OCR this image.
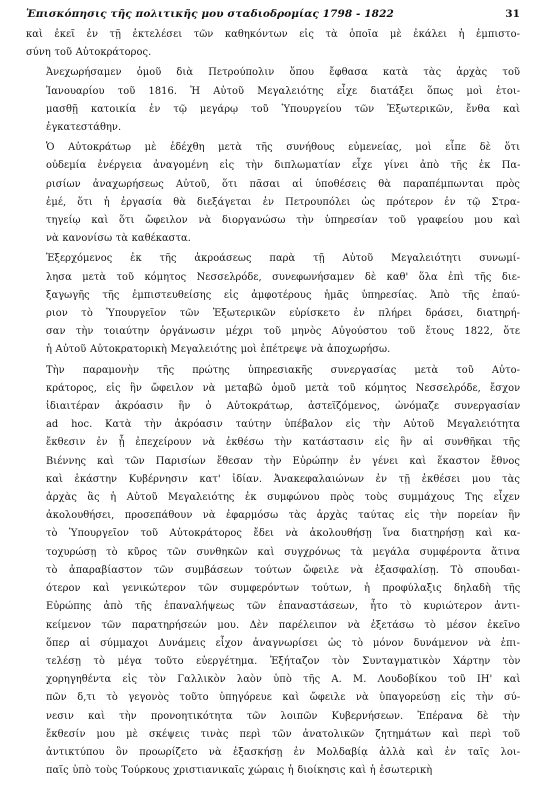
Ἐπισκόπησις τῆς πολιτικῆς μου σταδιοδρομίας 1798 - 1822	31
καὶ ἐκεῖ ἐν τῇ ἐκτελέσει τῶν καθηκόντων εἰς τὰ ὁποῖα μὲ ἐκάλει ἡ ἐμπιστο-
σύνη τοῦ Αὐτοκράτορος.
Ἀνεχωρήσαμεν ὁμοῦ διὰ Πετρούπολιν ὅπου ἔφθασα κατὰ τὰς ἀρχὰς τοῦ
Ἰανουαρίου τοῦ 1816. Ἡ Αὐτοῦ Μεγαλειότης εἶχε διατάξει ὅπως μοὶ ἑτοι-
μασθῇ κατοικία ἐν τῷ μεγάρῳ τοῦ Ὑπουργείου τῶν Ἐξωτερικῶν, ἔνθα καὶ
ἐγκατεστάθην.
Ὁ Αὐτοκράτωρ μὲ ἐδέχθη μετὰ τῆς συνήθους εὐμενείας, μοὶ εἶπε δὲ ὅτι
οὐδεμία ἐνέργεια ἀναγομένη εἰς τὴν διπλωματίαν εἶχε γίνει ἀπὸ τῆς ἐκ Πα-
ρισίων ἀναχωρήσεως Αὐτοῦ, ὅτι πᾶσαι αἱ ὑποθέσεις θὰ παραπέμπωνται πρὸς
ἐμέ, ὅτι ἡ ἐργασία θὰ διεξάγεται ἐν Πετρουπόλει ὡς πρότερον ἐν τῷ Στρα-
τηγείῳ καὶ ὅτι ὤφειλον νὰ διοργανώσω τὴν ὑπηρεσίαν τοῦ γραφείου μου καὶ
νὰ κανονίσω τὰ καθέκαστα.
Ἐξερχόμενος ἐκ τῆς ἀκροάσεως παρὰ τῇ Αὐτοῦ Μεγαλειότητι συνωμί-
λησα μετὰ τοῦ κόμητος Νεσσελρόδε, συνεφωνήσαμεν δὲ καθ' ὅλα ἐπὶ τῆς διε-
ξαγωγῆς τῆς ἐμπιστευθείσης εἰς ἀμφοτέρους ἡμᾶς ὑπηρεσίας. Ἀπὸ τῆς ἐπαύ-
ριον τὸ Ὑπουργεῖον τῶν Ἐξωτερικῶν εὑρίσκετο ἐν πλήρει δράσει, διατηρή-
σαν τὴν τοιαύτην ὀργάνωσιν μέχρι τοῦ μηνὸς Αὐγούστου τοῦ ἔτους 1822, ὅτε
ἡ Αὐτοῦ Αὐτοκρατορικὴ Μεγαλειότης μοὶ ἐπέτρεψε νὰ ἀποχωρήσω.
Τὴν παραμονὴν τῆς πρώτης ὑπηρεσιακῆς συνεργασίας μετὰ τοῦ Αὐτο-
κράτορος, εἰς ἣν ὤφειλον νὰ μεταβῶ ὁμοῦ μετὰ τοῦ κόμητος Νεσσελρόδε, ἔσχον
ἰδιαιτέραν ἀκρόασιν ἣν ὁ Αὐτοκράτωρ, ἀστεϊζόμενος, ὠνόμαζε συνεργασίαν
ad hoc. Κατὰ τὴν ἀκρόασιν ταύτην ὑπέβαλον εἰς τὴν Αὐτοῦ Μεγαλειότητα
ἔκθεσιν ἐν ᾗ ἐπεχείρουν νὰ ἐκθέσω τὴν κατάστασιν εἰς ἣν αἱ συνθῆκαι τῆς
Βιέννης καὶ τῶν Παρισίων ἔθεσαν τὴν Εὐρώπην ἐν γένει καὶ ἕκαστον ἔθνος
καὶ ἑκάστην Κυβέρνησιν κατ' ἰδίαν. Ἀνακεφαλαιώνων ἐν τῇ ἐκθέσει μου τὰς
ἀρχὰς ἃς ἡ Αὐτοῦ Μεγαλειότης ἐκ συμφώνου πρὸς τοὺς συμμάχους Της εἶχεν
ἀκολουθήσει, προσεπάθουν νὰ ἐφαρμόσω τὰς ἀρχὰς ταύτας εἰς τὴν πορείαν ἣν
τὸ Ὑπουργεῖον τοῦ Αὐτοκράτορος ἔδει νὰ ἀκολουθήσῃ ἵνα διατηρήσῃ καὶ κα-
τοχυρώσῃ τὸ κῦρος τῶν συνθηκῶν καὶ συγχρόνως τὰ μεγάλα συμφέροντα ἅτινα
τὸ ἀπαραβίαστον τῶν συμβάσεων τούτων ὤφειλε νὰ ἐξασφαλίσῃ. Τὸ σπουδαι-
ότερον καὶ γενικώτερον τῶν συμφερόντων τούτων, ἡ προφύλαξις δηλαδὴ τῆς
Εὐρώπης ἀπὸ τῆς ἐπαναλήψεως τῶν ἐπαναστάσεων, ἦτο τὸ κυριώτερον ἀντι-
κείμενον τῶν παρατηρήσεών μου. Δὲν παρέλειπον νὰ ἐξετάσω τὸ μέσον ἐκεῖνο
ὅπερ αἱ σύμμαχοι Δυνάμεις εἶχον ἀναγνωρίσει ὡς τὸ μόνον δυνάμενον νὰ ἐπι-
τελέσῃ τὸ μέγα τοῦτο εὐεργέτημα. Ἐξήταζον τὸν Συνταγματικὸν Χάρτην τὸν
χορηγηθέντα εἰς τὸν Γαλλικὸν λαὸν ὑπὸ τῆς Α. Μ. Λουδοβίκου τοῦ ΙΗ' καὶ
πῶν δ,τι τὸ γεγονὸς τοῦτο ὑπηγόρευε καὶ ὤφειλε νὰ ὑπαγορεύσῃ εἰς τὴν σύ-
νεσιν καὶ τὴν προνοητικότητα τῶν λοιπῶν Κυβερνήσεων. Ἐπέρανα δὲ τὴν
ἔκθεσίν μου μὲ σκέψεις τινὰς περὶ τῶν ἀνατολικῶν ζητημάτων καὶ περὶ τοῦ
ἀντικτύπου ὃν προωρίζετο νὰ ἐξασκήσῃ ἐν Μολδαβίᾳ ἀλλὰ καὶ ἐν ταῖς λοι-
παῖς ὑπὸ τοὺς Τούρκους χριστιανικαῖς χώραις ἡ διοίκησις καὶ ἡ ἐσωτερικὴ
